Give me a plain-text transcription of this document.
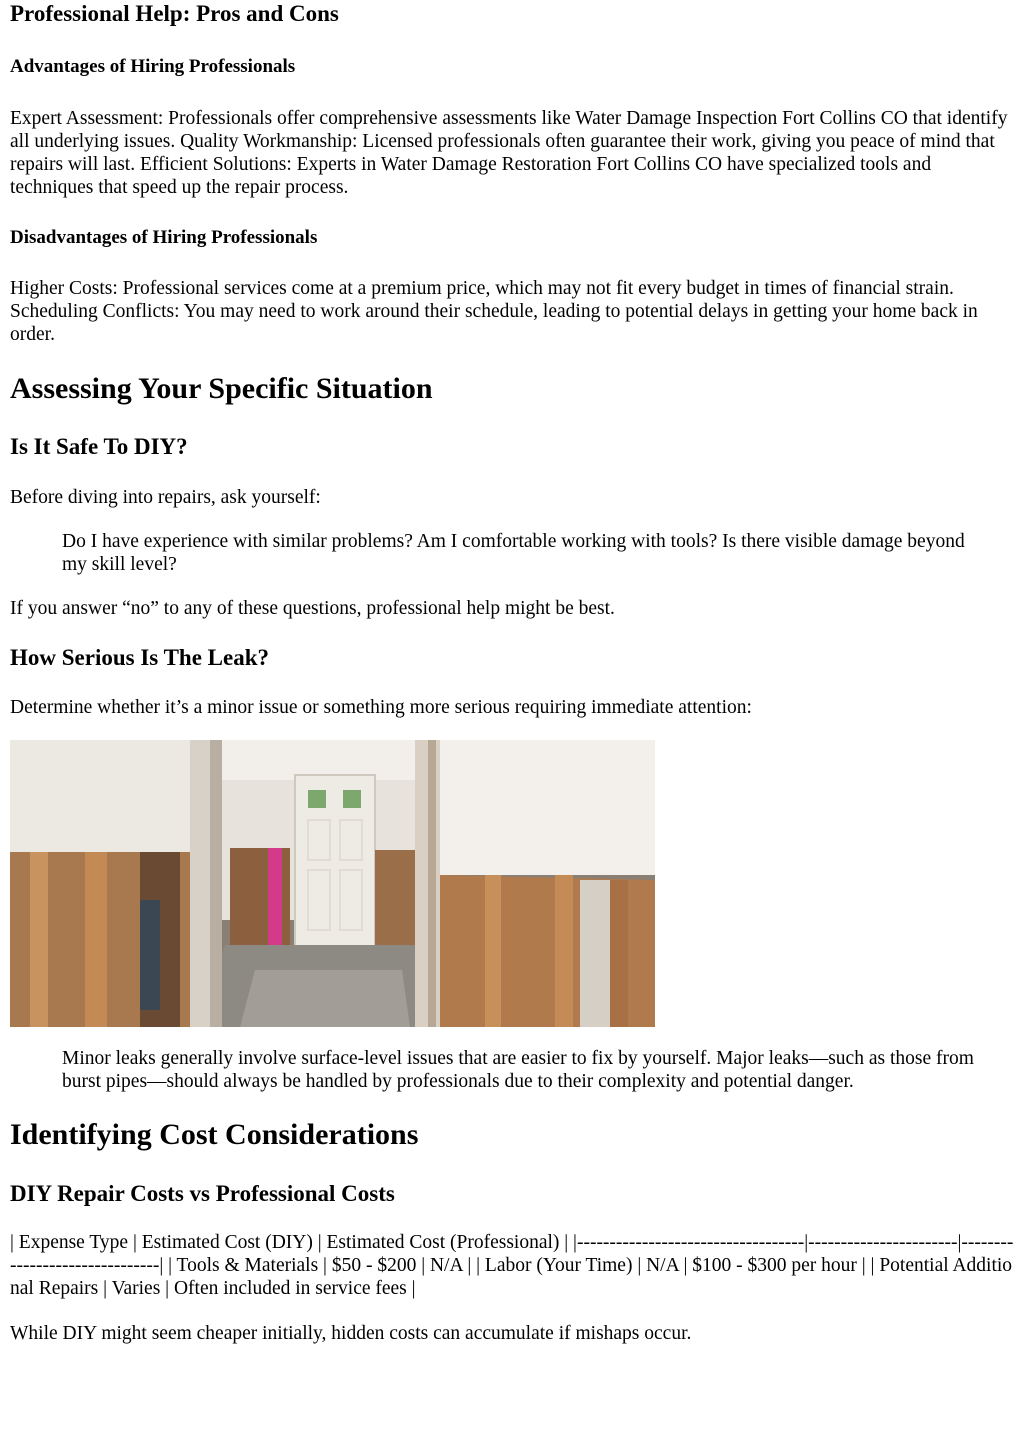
Professional Help: Pros and Cons
Advantages of Hiring Professionals

Expert Assessment: Professionals offer comprehensive assessments like Water Damage Inspection Fort Collins CO that identify all underlying issues. Quality Workmanship: Licensed professionals often guarantee their work, giving you peace of mind that repairs will last. Efficient Solutions: Experts in Water Damage Restoration Fort Collins CO have specialized tools and techniques that speed up the repair process.

Disadvantages of Hiring Professionals

Higher Costs: Professional services come at a premium price, which may not fit every budget in times of financial strain. Scheduling Conflicts: You may need to work around their schedule, leading to potential delays in getting your home back in order.

Assessing Your Specific Situation
Is It Safe To DIY?

Before diving into repairs, ask yourself:

Do I have experience with similar problems? Am I comfortable working with tools? Is there visible damage beyond my skill level?

If you answer “no” to any of these questions, professional help might be best.

How Serious Is The Leak?

Determine whether it’s a minor issue or something more serious requiring immediate attention:

Minor leaks generally involve surface-level issues that are easier to fix by yourself. Major leaks—such as those from burst pipes—should always be handled by professionals due to their complexity and potential danger.
Identifying Cost Considerations
DIY Repair Costs vs Professional Costs

| Expense Type | Estimated Cost (DIY) | Estimated Cost (Professional) | |-----------------------------------|-----------------------|-------------------------------| | Tools & Materials | $50 - $200 | N/A | | Labor (Your Time) | N/A | $100 - $300 per hour | | Potential Additional Repairs | Varies | Often included in service fees |

While DIY might seem cheaper initially, hidden costs can accumulate if mishaps occur.
